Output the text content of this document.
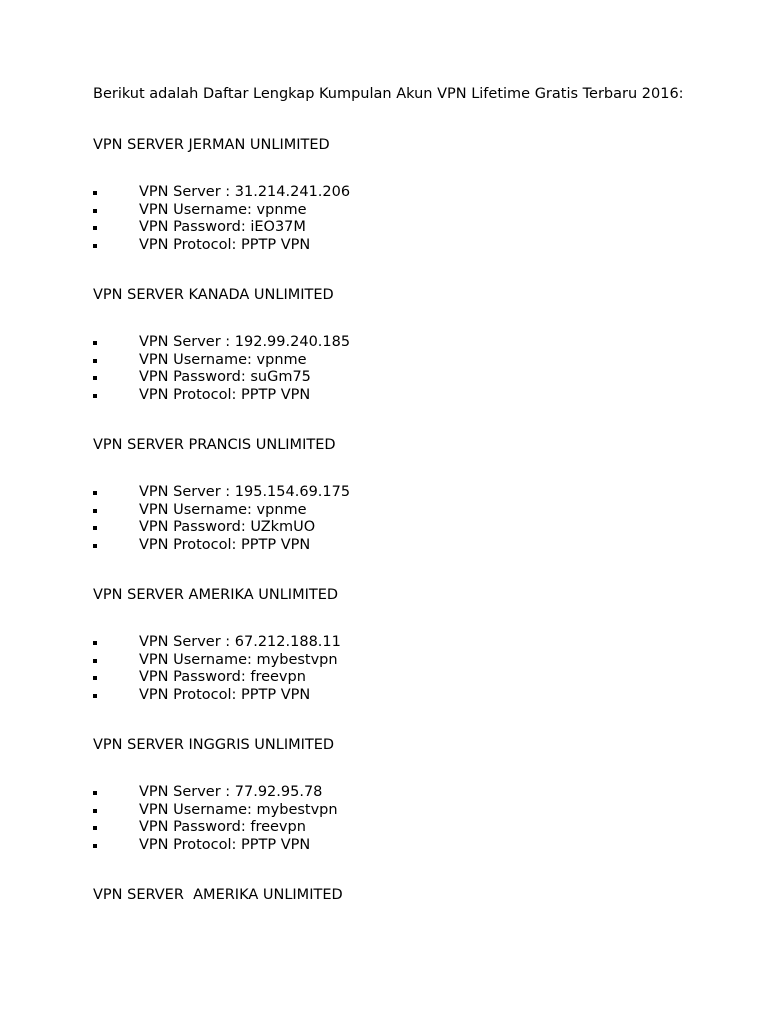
Berikut adalah Daftar Lengkap Kumpulan Akun VPN Lifetime Gratis Terbaru 2016:

VPN SERVER JERMAN UNLIMITED
VPN Server : 31.214.241.206
VPN Username: vpnme
VPN Password: iEO37M
VPN Protocol: PPTP VPN
VPN SERVER KANADA UNLIMITED
VPN Server : 192.99.240.185
VPN Username: vpnme
VPN Password: suGm75
VPN Protocol: PPTP VPN
VPN SERVER PRANCIS UNLIMITED
VPN Server : 195.154.69.175
VPN Username: vpnme
VPN Password: UZkmUO
VPN Protocol: PPTP VPN
VPN SERVER AMERIKA UNLIMITED
VPN Server : 67.212.188.11
VPN Username: mybestvpn
VPN Password: freevpn
VPN Protocol: PPTP VPN
VPN SERVER INGGRIS UNLIMITED
VPN Server : 77.92.95.78
VPN Username: mybestvpn
VPN Password: freevpn
VPN Protocol: PPTP VPN
VPN SERVER  AMERIKA UNLIMITED
